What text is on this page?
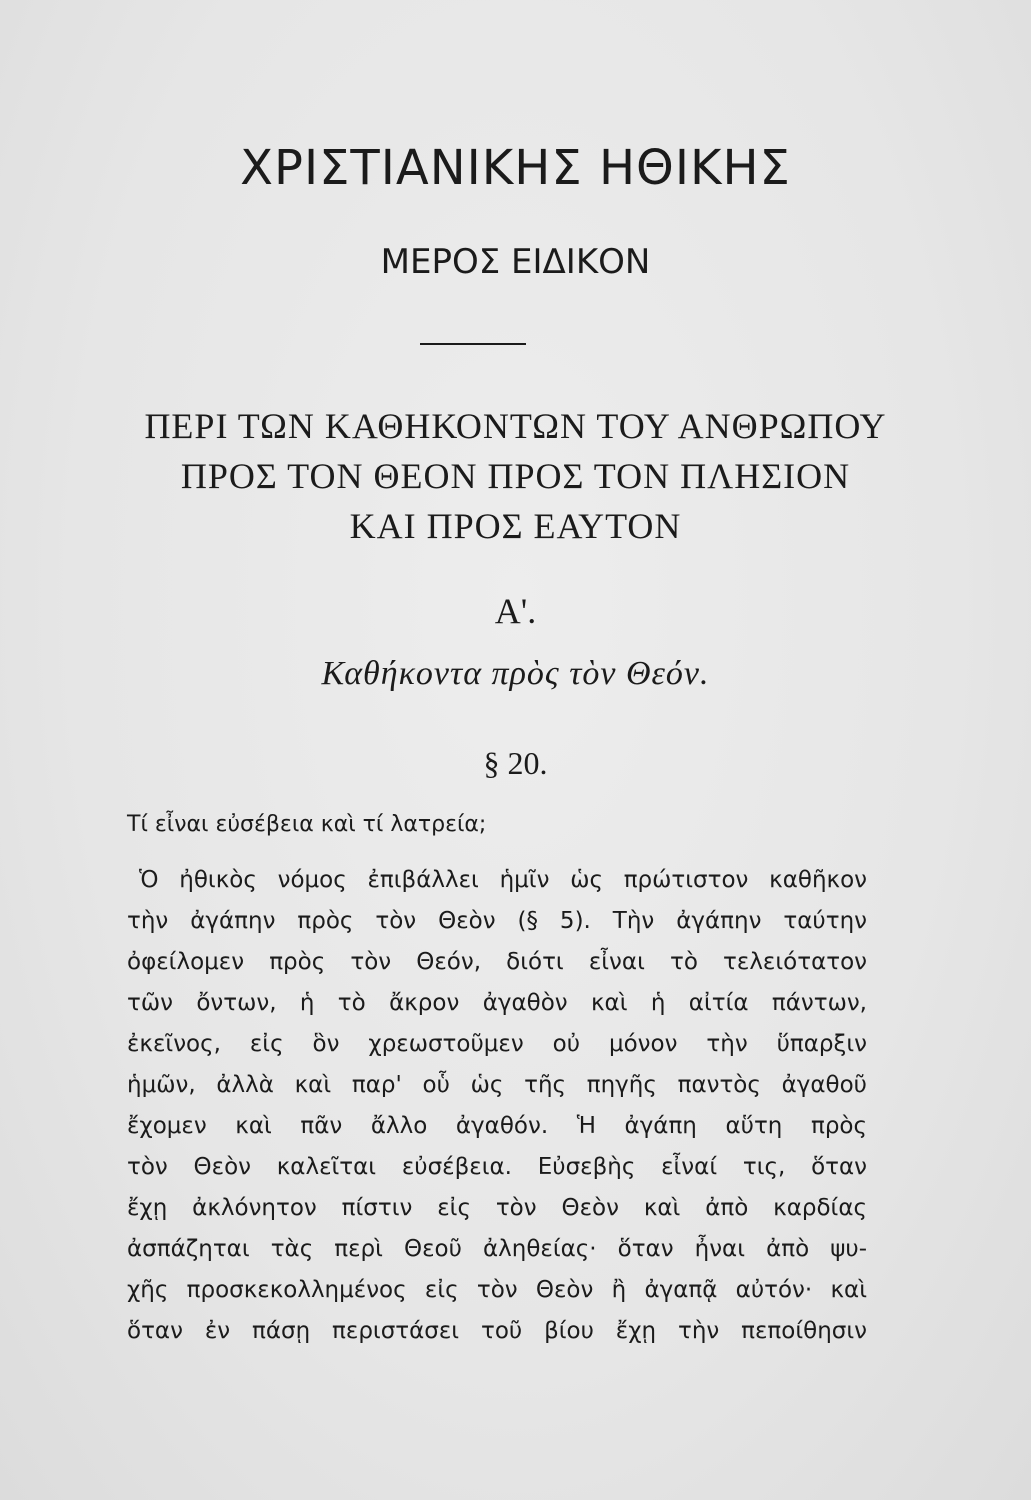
ΧΡΙΣΤΙΑΝΙΚΗΣ ΗΘΙΚΗΣ
ΜΕΡΟΣ ΕΙΔΙΚΟΝ
ΠΕΡΙ ΤΩΝ ΚΑΘΗΚΟΝΤΩΝ ΤΟΥ ΑΝΘΡΩΠΟΥ
ΠΡΟΣ ΤΟΝ ΘΕΟΝ ΠΡΟΣ ΤΟΝ ΠΛΗΣΙΟΝ
ΚΑΙ ΠΡΟΣ ΕΑΥΤΟΝ
Α'.
Καθήκοντα πρὸς τὸν Θεόν.
§ 20.
Τί εἶναι εὐσέβεια καὶ τί λατρεία;
Ὁ ἠθικὸς νόμος ἐπιβάλλει ἡμῖν ὡς πρώτιστον καθῆκον
τὴν ἀγάπην πρὸς τὸν Θεὸν (§ 5). Τὴν ἀγάπην ταύτην
ὀφείλομεν πρὸς τὸν Θεόν, διότι εἶναι τὸ τελειότατον
τῶν ὄντων, ἡ τὸ ἄκρον ἀγαθὸν καὶ ἡ αἰτία πάντων,
ἐκεῖνος, εἰς ὃν χρεωστοῦμεν οὐ μόνον τὴν ὕπαρξιν
ἡμῶν, ἀλλὰ καὶ παρ' οὗ ὡς τῆς πηγῆς παντὸς ἀγαθοῦ
ἔχομεν καὶ πᾶν ἄλλο ἀγαθόν. Ἡ ἀγάπη αὕτη πρὸς
τὸν Θεὸν καλεῖται εὐσέβεια. Εὐσεβὴς εἶναί τις, ὅταν
ἔχῃ ἀκλόνητον πίστιν εἰς τὸν Θεὸν καὶ ἀπὸ καρδίας
ἀσπάζηται τὰς περὶ Θεοῦ ἀληθείας· ὅταν ἦναι ἀπὸ ψυ-
χῆς προσκεκολλημένος εἰς τὸν Θεὸν ἢ ἀγαπᾷ αὐτόν· καὶ
ὅταν ἐν πάσῃ περιστάσει τοῦ βίου ἔχῃ τὴν πεποίθησιν
